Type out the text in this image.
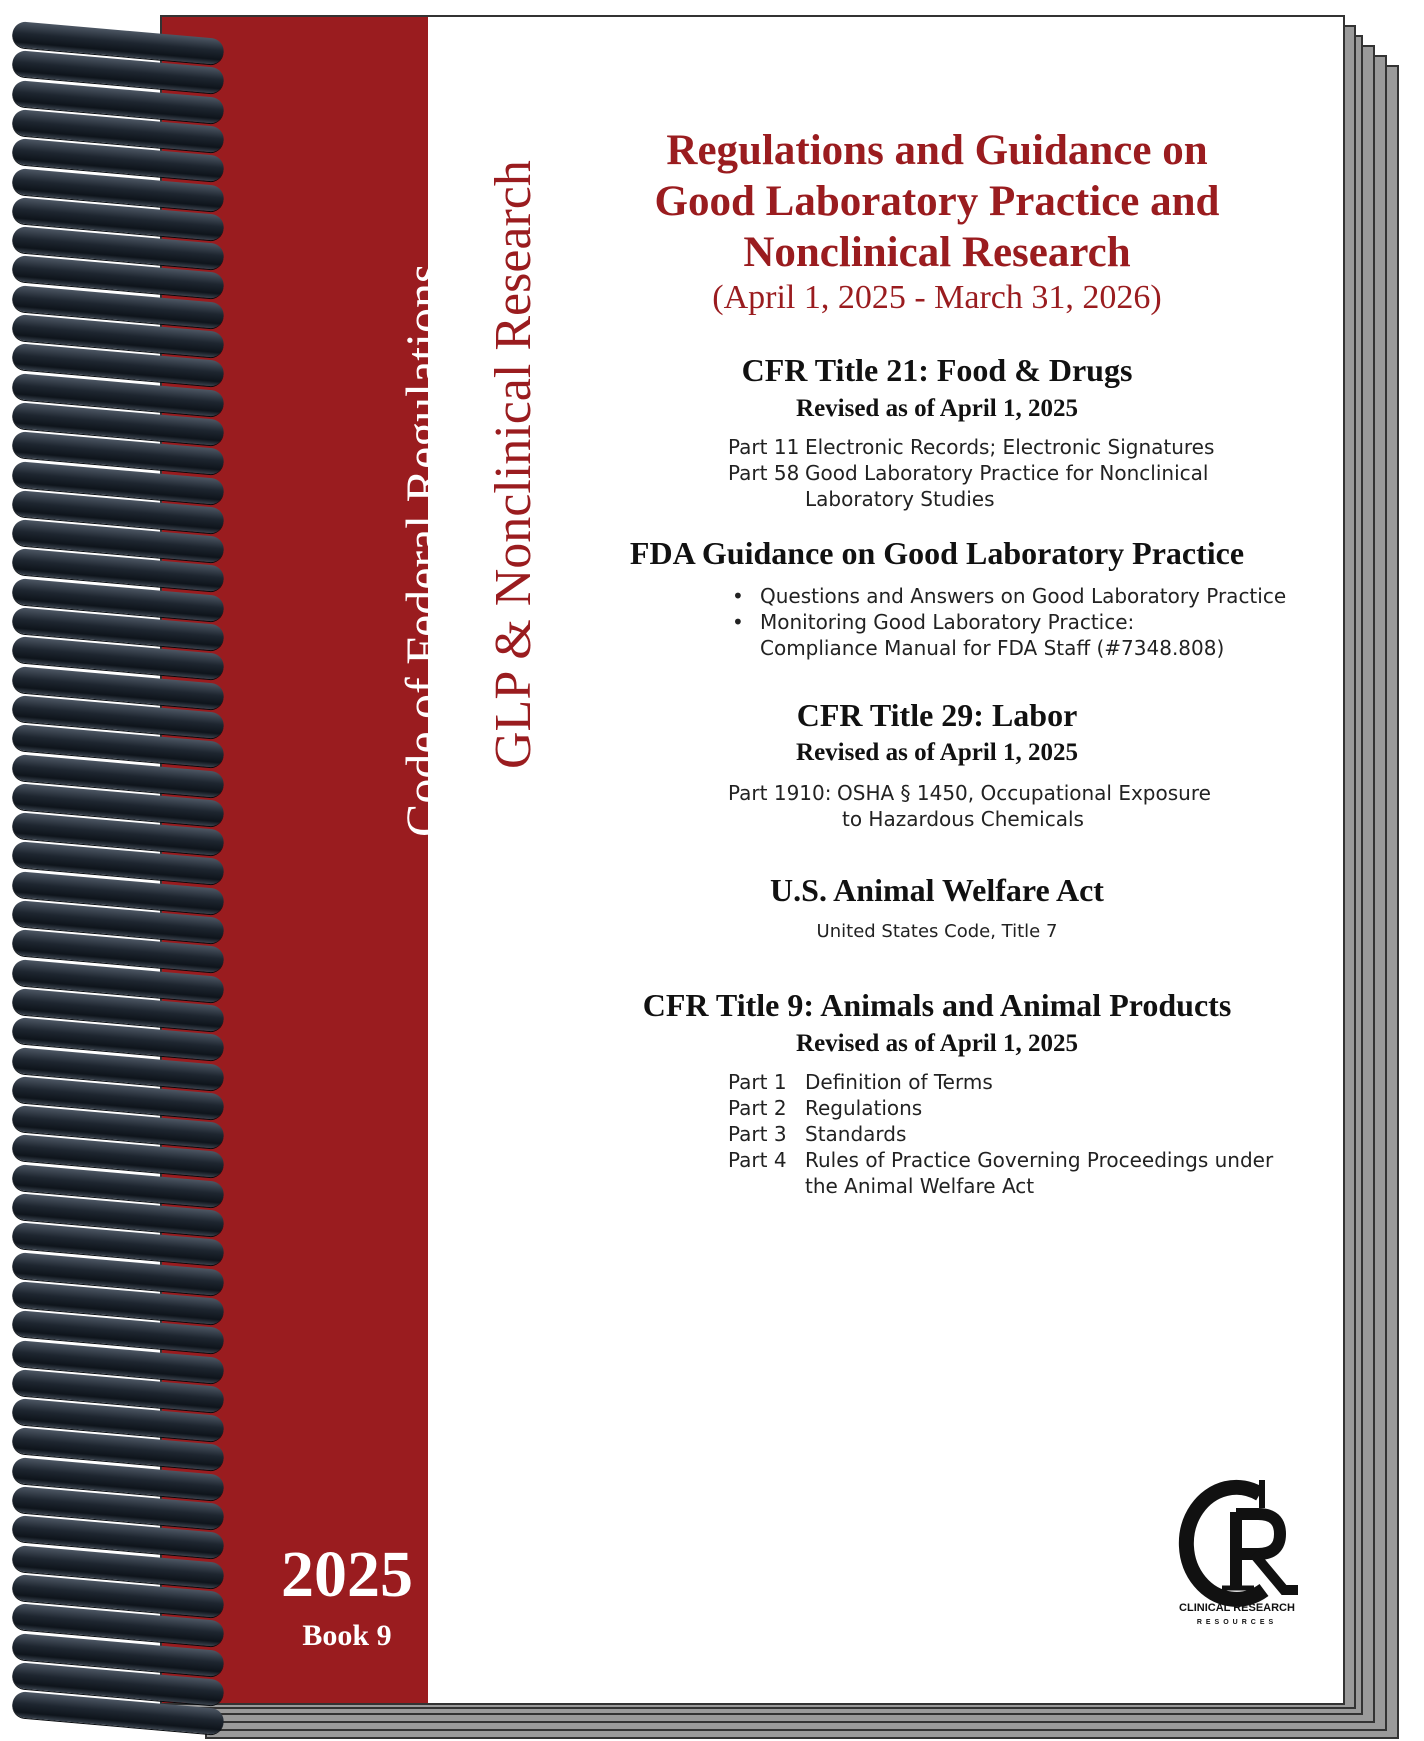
Code of Federal Regulations GLP & Nonclinical Research
2025
Book 9
Regulations and Guidance on
Good Laboratory Practice and
Nonclinical Research
(April 1, 2025 - March 31, 2026)
CFR Title 21: Food & Drugs
Revised as of April 1, 2025
Part 11 Electronic Records; Electronic Signatures
Part 58 Good Laboratory Practice for Nonclinical
Laboratory Studies
FDA Guidance on Good Laboratory Practice
• Questions and Answers on Good Laboratory Practice
• Monitoring Good Laboratory Practice:
Compliance Manual for FDA Staff (#7348.808)
CFR Title 29: Labor
Revised as of April 1, 2025
Part 1910: OSHA § 1450, Occupational Exposure
to Hazardous Chemicals
U.S. Animal Welfare Act
United States Code, Title 7
CFR Title 9: Animals and Animal Products
Revised as of April 1, 2025
Part 1 Definition of Terms
Part 2 Regulations
Part 3 Standards
Part 4 Rules of Practice Governing Proceedings under
the Animal Welfare Act
CLINICAL RESEARCH
RESOURCES
